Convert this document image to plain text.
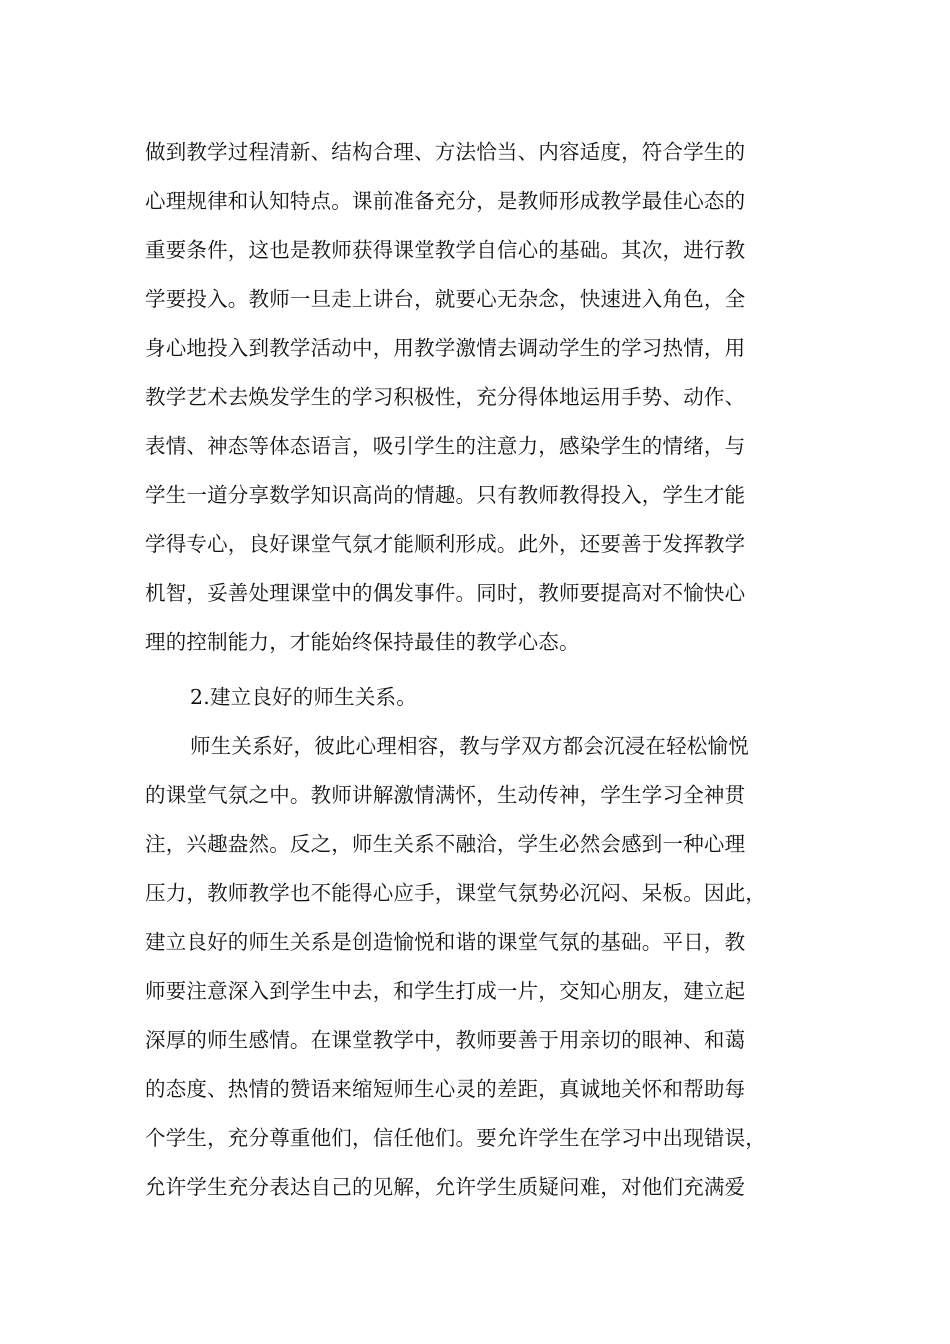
做到教学过程清新、结构合理、方法恰当、内容适度，符合学生的
心理规律和认知特点。课前准备充分，是教师形成教学最佳心态的
重要条件，这也是教师获得课堂教学自信心的基础。其次，进行教
学要投入。教师一旦走上讲台，就要心无杂念，快速进入角色，全
身心地投入到教学活动中，用教学激情去调动学生的学习热情，用
教学艺术去焕发学生的学习积极性，充分得体地运用手势、动作、
表情、神态等体态语言，吸引学生的注意力，感染学生的情绪，与
学生一道分享数学知识高尚的情趣。只有教师教得投入，学生才能
学得专心，良好课堂气氛才能顺利形成。此外，还要善于发挥教学
机智，妥善处理课堂中的偶发事件。同时，教师要提高对不愉快心
理的控制能力，才能始终保持最佳的教学心态。
2.建立良好的师生关系。
师生关系好，彼此心理相容，教与学双方都会沉浸在轻松愉悦
的课堂气氛之中。教师讲解激情满怀，生动传神，学生学习全神贯
注，兴趣盎然。反之，师生关系不融洽，学生必然会感到一种心理
压力，教师教学也不能得心应手，课堂气氛势必沉闷、呆板。因此，
建立良好的师生关系是创造愉悦和谐的课堂气氛的基础。平日，教
师要注意深入到学生中去，和学生打成一片，交知心朋友，建立起
深厚的师生感情。在课堂教学中，教师要善于用亲切的眼神、和蔼
的态度、热情的赞语来缩短师生心灵的差距，真诚地关怀和帮助每
个学生，充分尊重他们，信任他们。要允许学生在学习中出现错误，
允许学生充分表达自己的见解，允许学生质疑问难，对他们充满爱
